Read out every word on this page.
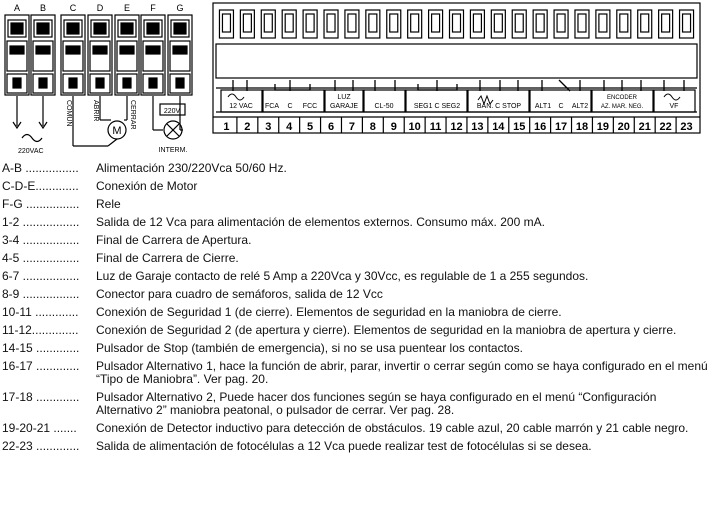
A B	C D E F G
220VAC
COMUN	ABRIR	CERRAR
M
220V
INTERM.
12 VAC FCA C FCC
LUZ
GARAJE CL-50	SEG1 C SEG2 BAN. C STOP ALT1 C ALT2
ENCODER
AZ. MAR. NEG.	VF
1 2 3 4 5 6 7 8 9 10 11 12 13 14 15 16 17 18 19 20 21 22 23
A-B ................	Alimentación 230/220Vca 50/60 Hz.
C-D-E.............	Conexión de Motor
F-G ................	Rele
1-2 .................	Salida de 12 Vca para alimentación de elementos externos. Consumo máx. 200 mA.
3-4 .................	Final de Carrera de Apertura.
4-5 .................	Final de Carrera de Cierre.
6-7 .................	Luz de Garaje contacto de relé 5 Amp a 220Vca y 30Vcc, es regulable de 1 a 255 segundos.
8-9 .................	Conector para cuadro de semáforos, salida de 12 Vcc
10-11 .............	Conexión de Seguridad 1 (de cierre). Elementos de seguridad en la maniobra de cierre.
11-12..............	Conexión de Seguridad 2 (de apertura y cierre). Elementos de seguridad en la maniobra de apertura y cierre.
14-15 .............	Pulsador de Stop (también de emergencia), si no se usa puentear los contactos.
16-17 .............	Pulsador Alternativo 1, hace la función de abrir, parar, invertir o cerrar según como se haya configurado en el menú “Tipo de Maniobra”. Ver pag. 20.
17-18 .............	Pulsador Alternativo 2, Puede hacer dos funciones según se haya configurado en el menú “Configuración Alternativo 2” maniobra peatonal, o pulsador de cerrar. Ver pag. 28.
19-20-21 .......	Conexión de Detector inductivo para detección de obstáculos. 19 cable azul, 20 cable marrón y 21 cable negro.
22-23 .............	Salida de alimentación de fotocélulas a 12 Vca puede realizar test de fotocélulas si se desea.
